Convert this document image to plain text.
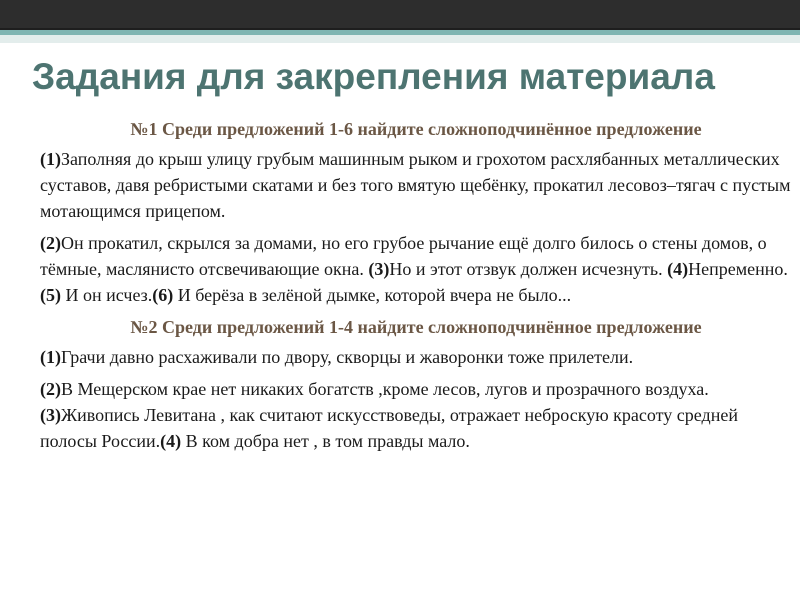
Задания для закрепления материала
№1 Среди предложений 1-6 найдите сложноподчинённое предложение
(1)Заполняя до крыш улицу грубым машинным рыком и грохотом расхлябанных металлических суставов, давя ребристыми скатами и без того вмятую щебёнку, прокатил лесовоз–тягач с пустым мотающимся прицепом.
(2)Он прокатил, скрылся за домами, но его грубое рычание ещё долго билось о стены домов, о тёмные, маслянисто отсвечивающие окна. (3)Но и этот отзвук должен исчезнуть. (4)Непременно. (5) И он исчез.(6) И берёза в зелёной дымке, которой вчера не было...
№2 Среди предложений 1-4 найдите сложноподчинённое предложение
(1)Грачи давно расхаживали по двору, скворцы и жаворонки тоже прилетели.
(2)В Мещерском крае нет никаких богатств ,кроме лесов, лугов и прозрачного воздуха.(3)Живопись Левитана , как считают искусствоведы, отражает неброскую красоту средней полосы России.(4) В ком добра нет , в том правды мало.
